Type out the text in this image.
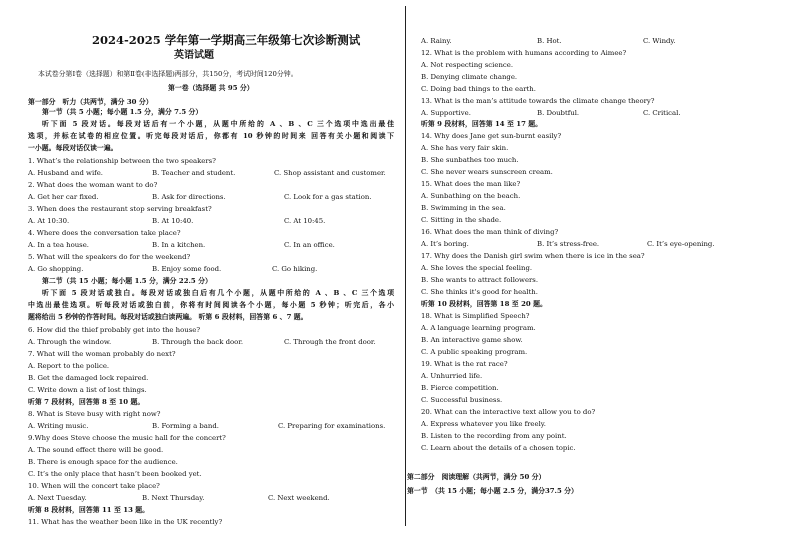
2024-2025 学年第一学期高三年级第七次诊断测试
英语试题
本试卷分第Ⅰ卷（选择题）和第Ⅱ卷(非选择题)两部分，共150分，考试时间120分钟。
第一卷（选择题 共 95 分）
第一部分　听力（共两节，满分 30 分）
第一节（共 5 小题；每小题 1.5 分，满分 7.5 分）
听下面 5 段对话。每段对话后有一个小题，从题中所给的 A 、B 、C 三个选项中选出最佳
选项，并标在试卷的相应位置。听完每段对话后，你都有 10 秒钟的时间来 回答有关小题和阅读下
一小题。每段对话仅读一遍。
1. What’s the relationship between the two speakers?
A. Husband and wife.	B. Teacher and student.	C. Shop assistant and customer.
2. What does the woman want to do?
A. Get her car fixed.	B. Ask for directions.	C. Look for a gas station.
3. When does the restaurant stop serving breakfast?
A. At 10:30.	B. At 10:40.	C. At 10:45.
4. Where does the conversation take place?
A. In a tea house.	B. In a kitchen.	C. In an office.
5. What will the speakers do for the weekend?
A. Go shopping.	B. Enjoy some food.	C. Go hiking.
第二节（共 15 小题；每小题 1.5 分，满分 22.5 分）
听下面 5 段对话或独白。每段对话或独白后有几个小题，从题中所给的 A 、B 、C 三个选项
中选出最佳选项。听每段对话或独白前，你将有时间阅读各个小题，每小题 5 秒钟；听完后，各小
题将给出 5 秒钟的作答时间。每段对话或独白读两遍。 听第 6 段材料，回答第 6 、7 题。
6. How did the thief probably get into the house?
A. Through the window.	B. Through the back door.	C. Through the front door.
7. What will the woman probably do next?
A. Report to the police.
B. Get the damaged lock repaired.
C. Write down a list of lost things.
听第 7 段材料，回答第 8 至 10 题。
8. What is Steve busy with right now?
A. Writing music.	B. Forming a band.	C. Preparing for examinations.
9.Why does Steve choose the music hall for the concert?
A. The sound effect there will be good.
B. There is enough space for the audience.
C. It’s the only place that hasn’t been booked yet.
10. When will the concert take place?
A. Next Tuesday.	B. Next Thursday.	C. Next weekend.
听第 8 段材料，回答第 11 至 13 题。
11. What has the weather been like in the UK recently?
A. Rainy.	B. Hot.	C. Windy.
12. What is the problem with humans according to Aimee?
A. Not respecting science.
B. Denying climate change.
C. Doing bad things to the earth.
13. What is the man’s attitude towards the climate change theory?
A. Supportive.	B. Doubtful.	C. Critical.
听第 9 段材料，回答第 14 至 17 题。
14. Why does Jane get sun-burnt easily?
A. She has very fair skin.
B. She sunbathes too much.
C. She never wears sunscreen cream.
15. What does the man like?
A. Sunbathing on the beach.
B. Swimming in the sea.
C. Sitting in the shade.
16. What does the man think of diving?
A. It’s boring.	B. It’s stress-free.	C. It’s eye-opening.
17. Why does the Danish girl swim when there is ice in the sea?
A. She loves the special feeling.
B. She wants to attract followers.
C. She thinks it's good for health.
听第 10 段材料，回答第 18 至 20 题。
18. What is Simplified Speech?
A. A language learning program.
B. An interactive game show.
C. A public speaking program.
19. What is the rat race?
A. Unhurried life.
B. Fierce competition.
C. Successful business.
20. What can the interactive text allow you to do?
A. Express whatever you like freely.
B. Listen to the recording from any point.
C. Learn about the details of a chosen topic.
第二部分　阅读理解（共两节，满分 50 分）
第一节　（共 15 小题；每小题 2.5 分，满分37.5 分）
